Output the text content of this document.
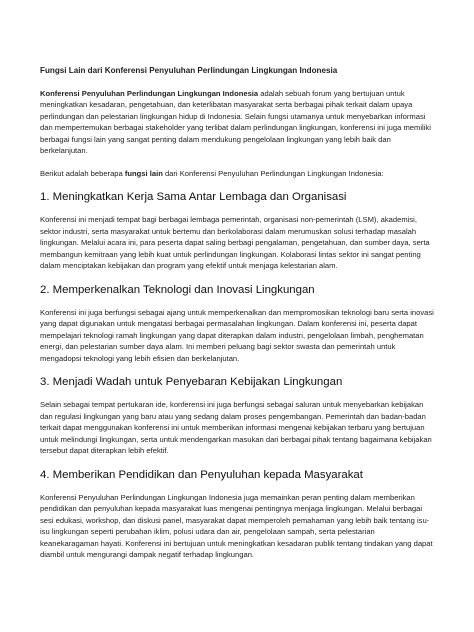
Fungsi Lain dari Konferensi Penyuluhan Perlindungan Lingkungan Indonesia

Konferensi Penyuluhan Perlindungan Lingkungan Indonesia adalah sebuah forum yang bertujuan untuk meningkatkan kesadaran, pengetahuan, dan keterlibatan masyarakat serta berbagai pihak terkait dalam upaya perlindungan dan pelestarian lingkungan hidup di Indonesia. Selain fungsi utamanya untuk menyebarkan informasi dan mempertemukan berbagai stakeholder yang terlibat dalam perlindungan lingkungan, konferensi ini juga memiliki berbagai fungsi lain yang sangat penting dalam mendukung pengelolaan lingkungan yang lebih baik dan berkelanjutan.

Berikut adalah beberapa fungsi lain dari Konferensi Penyuluhan Perlindungan Lingkungan Indonesia:

1. Meningkatkan Kerja Sama Antar Lembaga dan Organisasi

Konferensi ini menjadi tempat bagi berbagai lembaga pemerintah, organisasi non-pemerintah (LSM), akademisi, sektor industri, serta masyarakat untuk bertemu dan berkolaborasi dalam merumuskan solusi terhadap masalah lingkungan. Melalui acara ini, para peserta dapat saling berbagi pengalaman, pengetahuan, dan sumber daya, serta membangun kemitraan yang lebih kuat untuk perlindungan lingkungan. Kolaborasi lintas sektor ini sangat penting dalam menciptakan kebijakan dan program yang efektif untuk menjaga kelestarian alam.

2. Memperkenalkan Teknologi dan Inovasi Lingkungan

Konferensi ini juga berfungsi sebagai ajang untuk memperkenalkan dan mempromosikan teknologi baru serta inovasi yang dapat digunakan untuk mengatasi berbagai permasalahan lingkungan. Dalam konferensi ini, peserta dapat mempelajari teknologi ramah lingkungan yang dapat diterapkan dalam industri, pengelolaan limbah, penghematan energi, dan pelestarian sumber daya alam. Ini memberi peluang bagi sektor swasta dan pemerintah untuk mengadopsi teknologi yang lebih efisien dan berkelanjutan.

3. Menjadi Wadah untuk Penyebaran Kebijakan Lingkungan

Selain sebagai tempat pertukaran ide, konferensi ini juga berfungsi sebagai saluran untuk menyebarkan kebijakan dan regulasi lingkungan yang baru atau yang sedang dalam proses pengembangan. Pemerintah dan badan-badan terkait dapat menggunakan konferensi ini untuk memberikan informasi mengenai kebijakan terbaru yang bertujuan untuk melindungi lingkungan, serta untuk mendengarkan masukan dari berbagai pihak tentang bagaimana kebijakan tersebut dapat diterapkan lebih efektif.

4. Memberikan Pendidikan dan Penyuluhan kepada Masyarakat

Konferensi Penyuluhan Perlindungan Lingkungan Indonesia juga memainkan peran penting dalam memberikan pendidikan dan penyuluhan kepada masyarakat luas mengenai pentingnya menjaga lingkungan. Melalui berbagai sesi edukasi, workshop, dan diskusi panel, masyarakat dapat memperoleh pemahaman yang lebih baik tentang isu-isu lingkungan seperti perubahan iklim, polusi udara dan air, pengelolaan sampah, serta pelestarian keanekaragaman hayati. Konferensi ini bertujuan untuk meningkatkan kesadaran publik tentang tindakan yang dapat diambil untuk mengurangi dampak negatif terhadap lingkungan.
